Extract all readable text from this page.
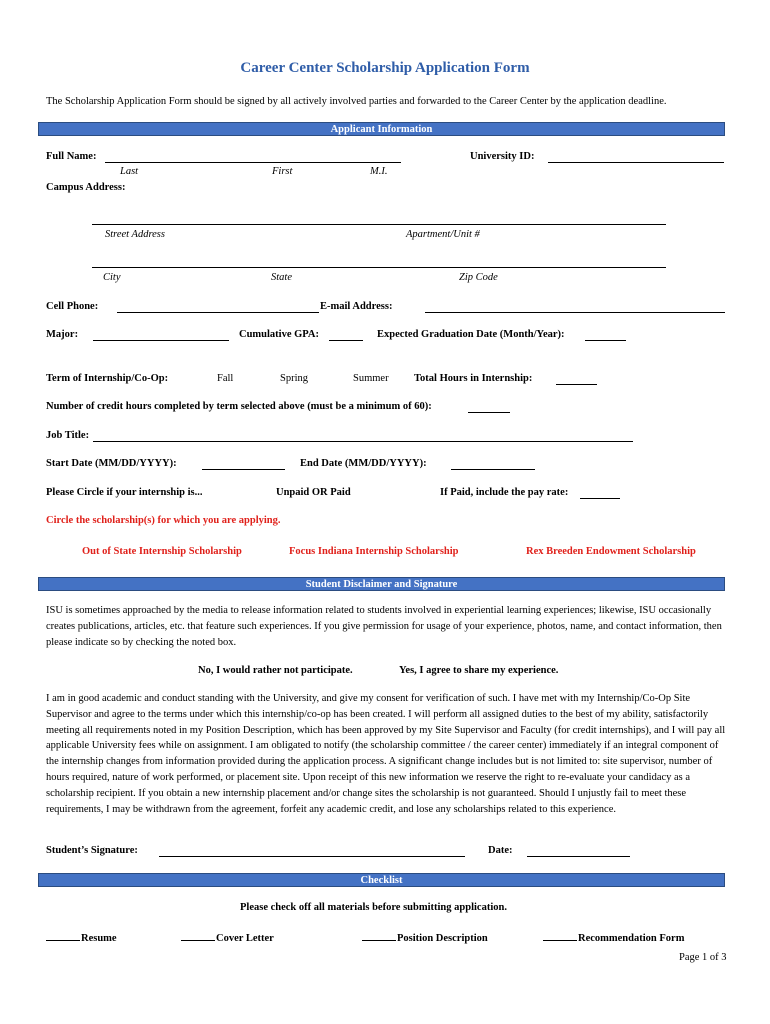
Career Center Scholarship Application Form
The Scholarship Application Form should be signed by all actively involved parties and forwarded to the Career Center by the application deadline.
Applicant Information
Full Name:
Last	First	M.I.
University ID:
Campus Address:
Street Address	Apartment/Unit #
City	State	Zip Code
Cell Phone:	E-mail Address:
Major:	Cumulative GPA:	Expected Graduation Date (Month/Year):
Term of Internship/Co-Op:	Fall	Spring	Summer Total Hours in Internship:
Number of credit hours completed by term selected above (must be a minimum of 60):
Job Title:
Start Date (MM/DD/YYYY):	End Date (MM/DD/YYYY):
Please Circle if your internship is...	Unpaid OR Paid	If Paid, include the pay rate:
Circle the scholarship(s) for which you are applying.
Out of State Internship Scholarship	Focus Indiana Internship Scholarship	Rex Breeden Endowment Scholarship
Student Disclaimer and Signature
ISU is sometimes approached by the media to release information related to students involved in experiential learning experiences; likewise, ISU occasionally creates publications, articles, etc. that feature such experiences. If you give permission for usage of your experience, photos, name, and contact information, then please indicate so by checking the noted box.
No, I would rather not participate.	Yes, I agree to share my experience.
I am in good academic and conduct standing with the University, and give my consent for verification of such. I have met with my Internship/Co-Op Site Supervisor and agree to the terms under which this internship/co-op has been created. I will perform all assigned duties to the best of my ability, satisfactorily meeting all requirements noted in my Position Description, which has been approved by my Site Supervisor and Faculty (for credit internships), and I will pay all applicable University fees while on assignment. I am obligated to notify (the scholarship committee / the career center) immediately if an integral component of the internship changes from information provided during the application process. A significant change includes but is not limited to: site supervisor, number of hours required, nature of work performed, or placement site. Upon receipt of this new information we reserve the right to re-evaluate your candidacy as a scholarship recipient. If you obtain a new internship placement and/or change sites the scholarship is not guaranteed. Should I unjustly fail to meet these requirements, I may be withdrawn from the agreement, forfeit any academic credit, and lose any scholarships related to this experience.
Student’s Signature:	Date:
Checklist
Please check off all materials before submitting application.
Resume	Cover Letter	Position Description	Recommendation Form
Page 1 of 3
